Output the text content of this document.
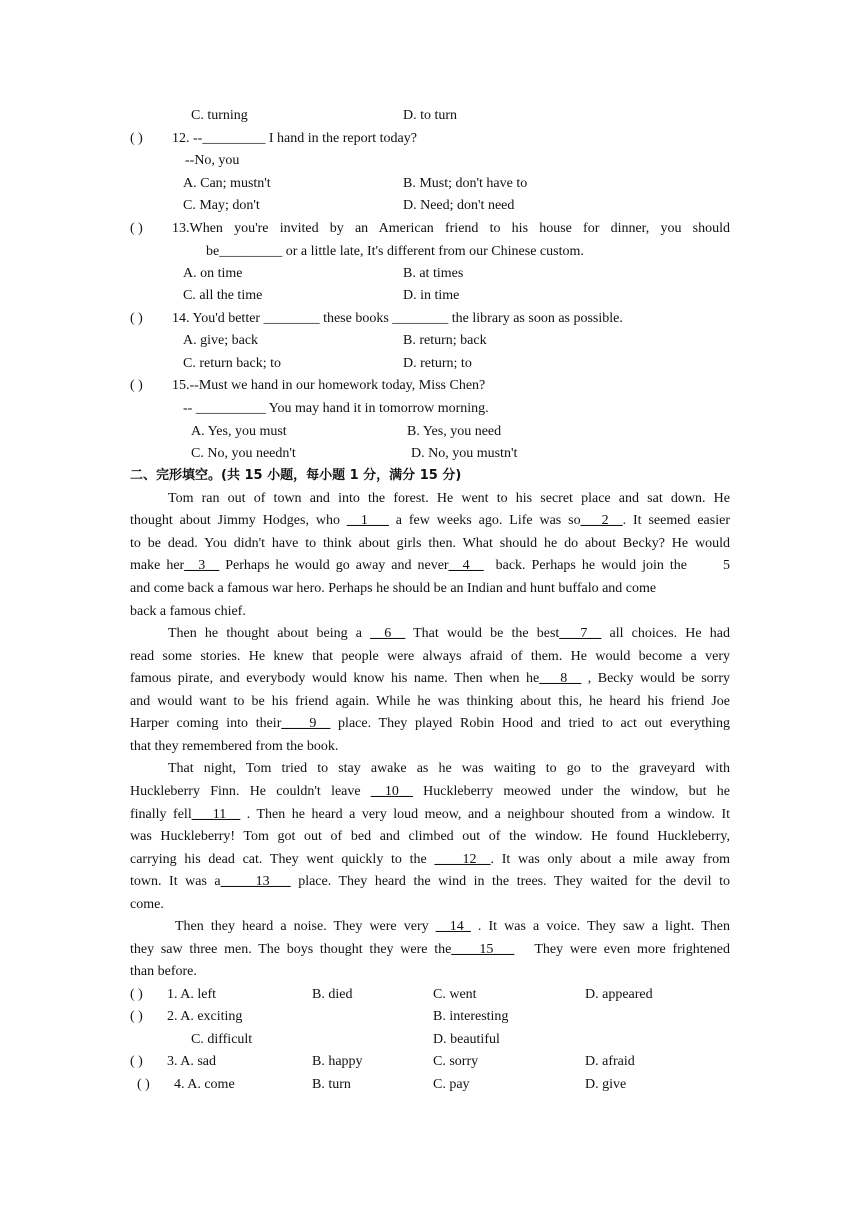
C. turning	D. to turn
( ) 12. --_________ I hand in the report today?
--No, you
A. Can; mustn't	B. Must; don't have to
C. May; don't	D. Need; don't need
( ) 13.When you're invited by an American friend to his house for dinner, you should
be_________ or a little late, It's different from our Chinese custom.
A. on time	B. at times
C. all the time	D. in time
( ) 14. You'd better ________ these books ________ the library as soon as possible.
A. give; back	B. return; back
C. return back; to	D. return; to
( ) 15.--Must we hand in our homework today, Miss Chen?
-- __________ You may hand it in tomorrow morning.
A. Yes, you must	B. Yes, you need
C. No, you needn't	D. No, you mustn't
二、完形填空。(共 15 小题，每小题 1 分，满分 15 分)
Tom ran out of town and into the forest. He went to his secret place and sat down. He
thought about Jimmy Hodges, who __1___ a few weeks ago. Life was so___2__. It seemed easier
to be dead. You didn't have to think about girls then. What should he do about Becky? He would
make her__3__ Perhaps he would go away and never__4__  back. Perhaps he would join the      5
and come back a famous war hero. Perhaps he should be an Indian and hunt buffalo and come
back a famous chief.
Then he thought about being a __6__ That would be the best___7__ all choices. He had
read some stories. He knew that people were always afraid of them. He would become a very
famous pirate, and everybody would know his name. Then when he___8__ , Becky would be sorry
and would want to be his friend again. While he was thinking about this, he heard his friend Joe
Harper coming into their____9__ place. They played Robin Hood and tried to act out everything
that they remembered from the book.
That night, Tom tried to stay awake as he was waiting to go to the graveyard with
Huckleberry Finn. He couldn't leave __10__ Huckleberry meowed under the window, but he
finally fell___11__ . Then he heard a very loud meow, and a neighbour shouted from a window. It
was Huckleberry! Tom got out of bed and climbed out of the window. He found Huckleberry,
carrying his dead cat. They went quickly to the ____12__. It was only about a mile away from
town. It was a_____13___ place. They heard the wind in the trees. They waited for the devil to
come.
Then they heard a noise. They were very __14_ . It was a voice. They saw a light. Then
they saw three men. The boys thought they were the____15___   They were even more frightened
than before.
( ) 1. A. left	B. died	C. went	D. appeared
( ) 2. A. exciting	B. interesting
C. difficult	D. beautiful
( ) 3. A. sad	B. happy	C. sorry	D. afraid
( ) 4. A. come	B. turn	C. pay	D. give
